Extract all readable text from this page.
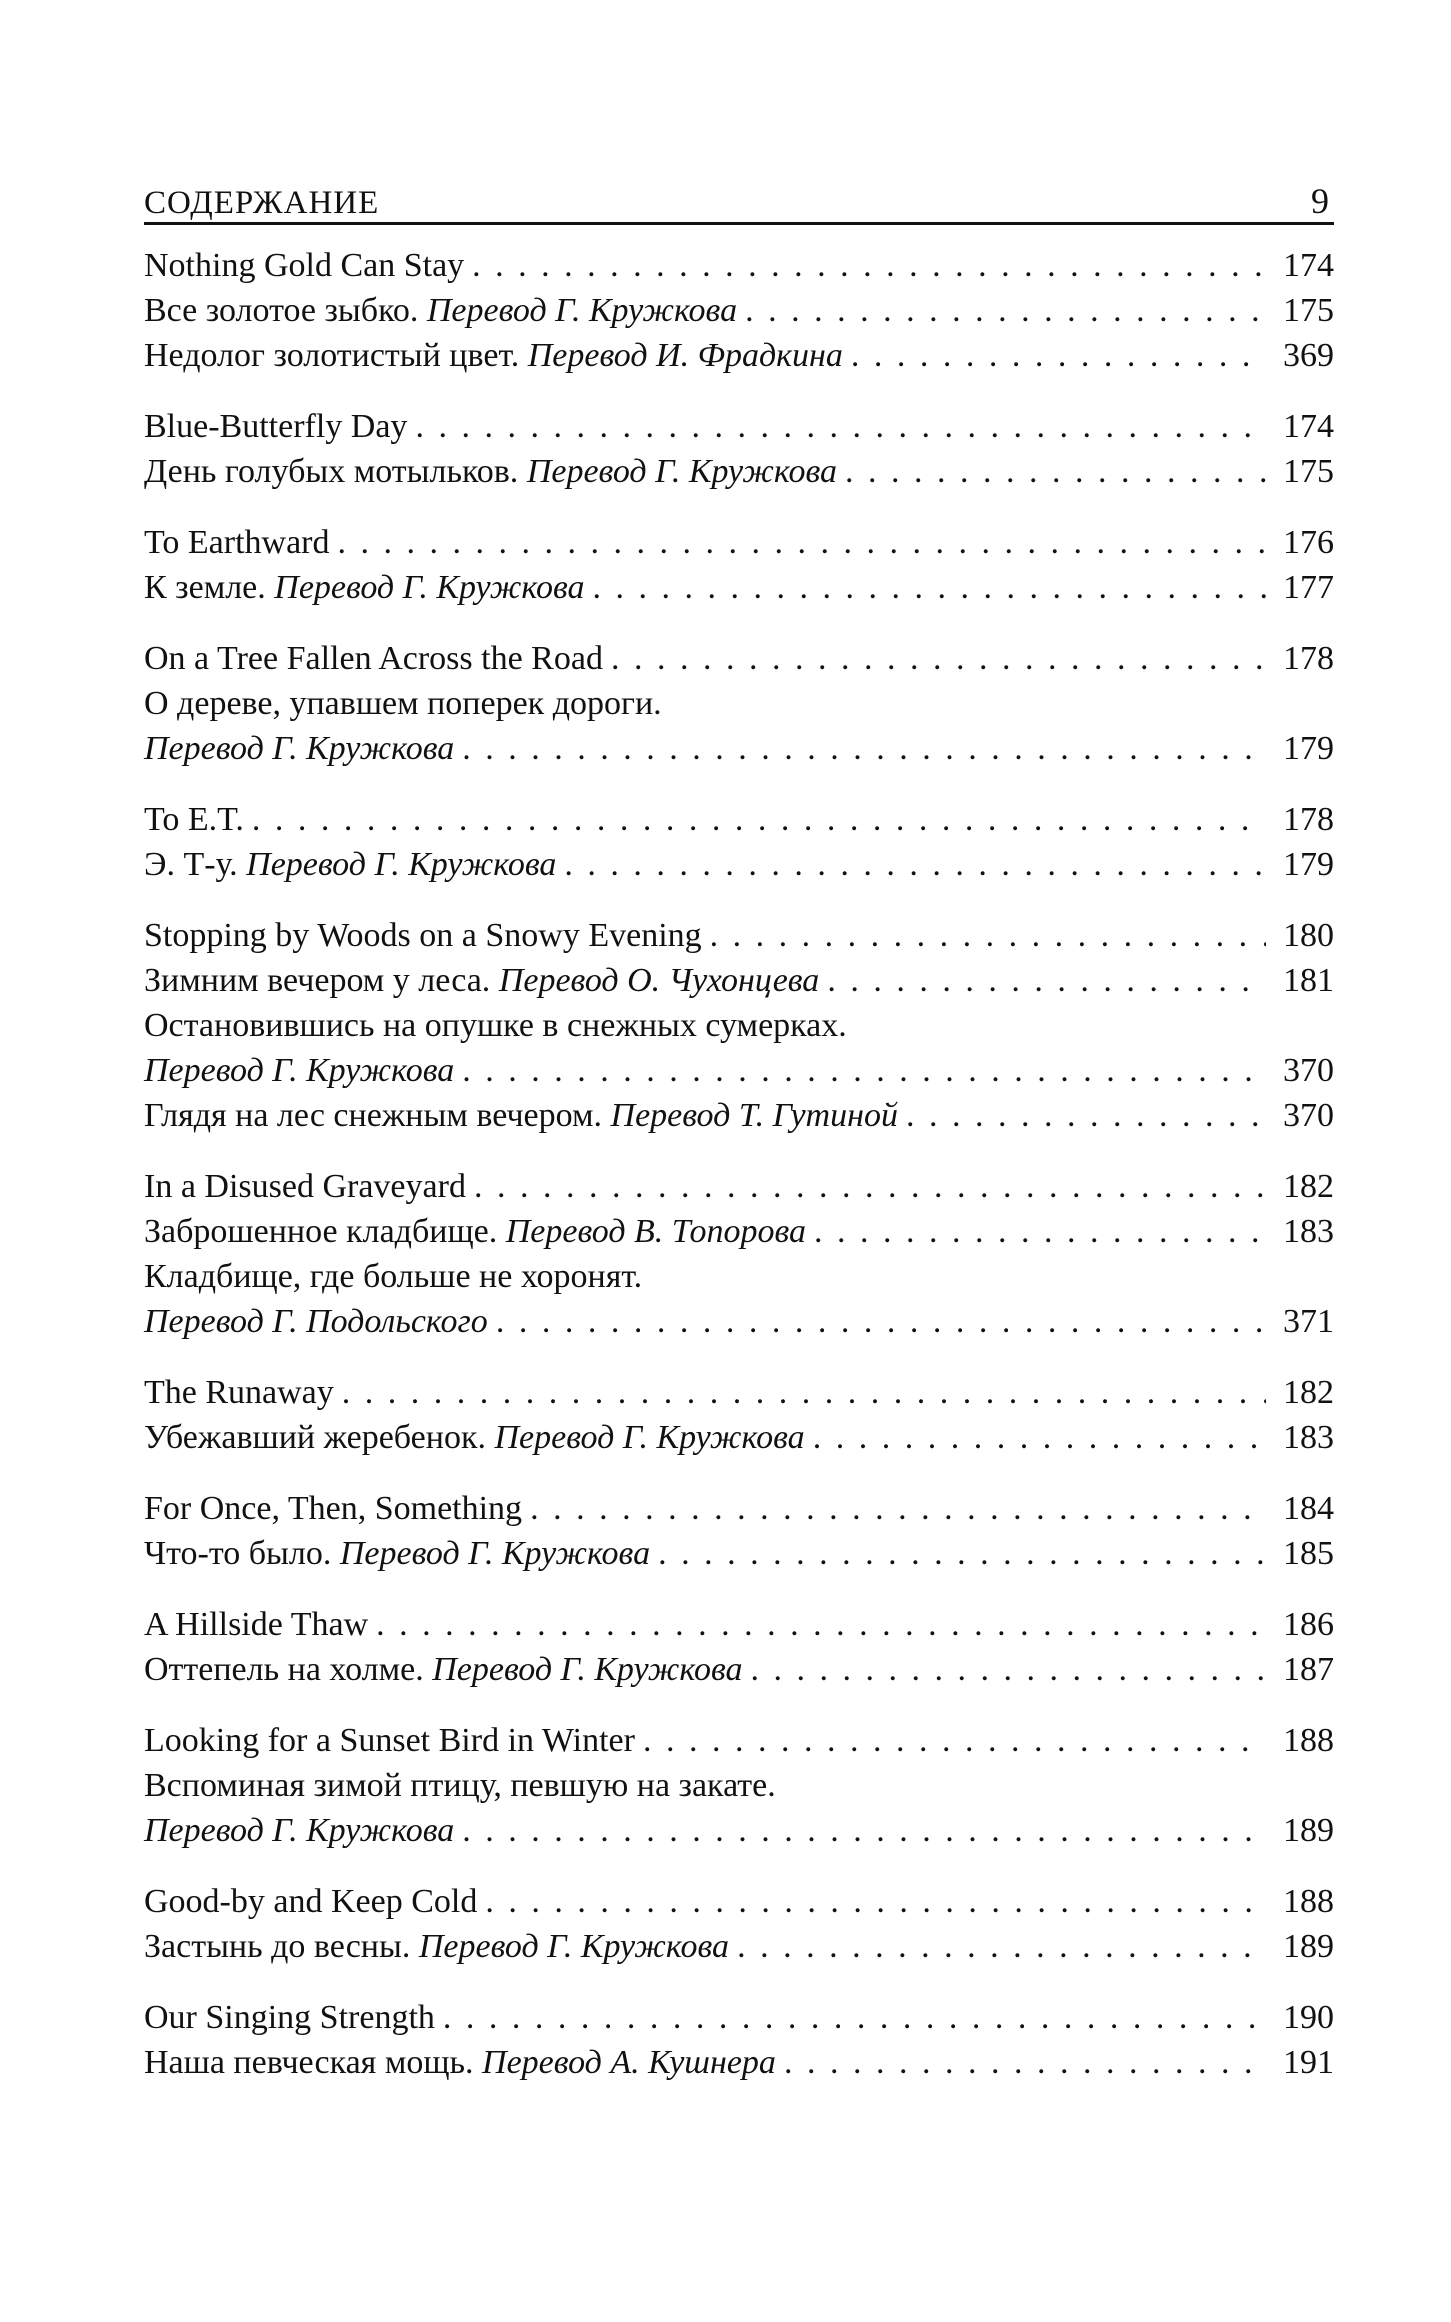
СОДЕРЖАНИЕ	9
Nothing Gold Can Stay . . .	174
Все золотое зыбко. Перевод Г. Кружкова . . .	175
Недолог золотистый цвет. Перевод И. Фрадкина . . .	369
Blue-Butterfly Day . . .	174
День голубых мотыльков. Перевод Г. Кружкова . . .	175
To Earthward . . .	176
К земле. Перевод Г. Кружкова . . .	177
On a Tree Fallen Across the Road . . .	178
О дереве, упавшем поперек дороги.
Перевод Г. Кружкова . . .	179
To E.T. . . .	178
Э. Т-у. Перевод Г. Кружкова . . .	179
Stopping by Woods on a Snowy Evening . . .	180
Зимним вечером у леса. Перевод О. Чухонцева . . .	181
Остановившись на опушке в снежных сумерках.
Перевод Г. Кружкова . . .	370
Глядя на лес снежным вечером. Перевод Т. Гутиной . . .	370
In a Disused Graveyard . . .	182
Заброшенное кладбище. Перевод В. Топорова . . .	183
Кладбище, где больше не хоронят.
Перевод Г. Подольского . . .	371
The Runaway . . .	182
Убежавший жеребенок. Перевод Г. Кружкова . . .	183
For Once, Then, Something . . .	184
Что-то было. Перевод Г. Кружкова . . .	185
A Hillside Thaw . . .	186
Оттепель на холме. Перевод Г. Кружкова . . .	187
Looking for a Sunset Bird in Winter . . .	188
Вспоминая зимой птицу, певшую на закате.
Перевод Г. Кружкова . . .	189
Good-by and Keep Cold . . .	188
Застынь до весны. Перевод Г. Кружкова . . .	189
Our Singing Strength . . .	190
Наша певческая мощь. Перевод А. Кушнера . . .	191
